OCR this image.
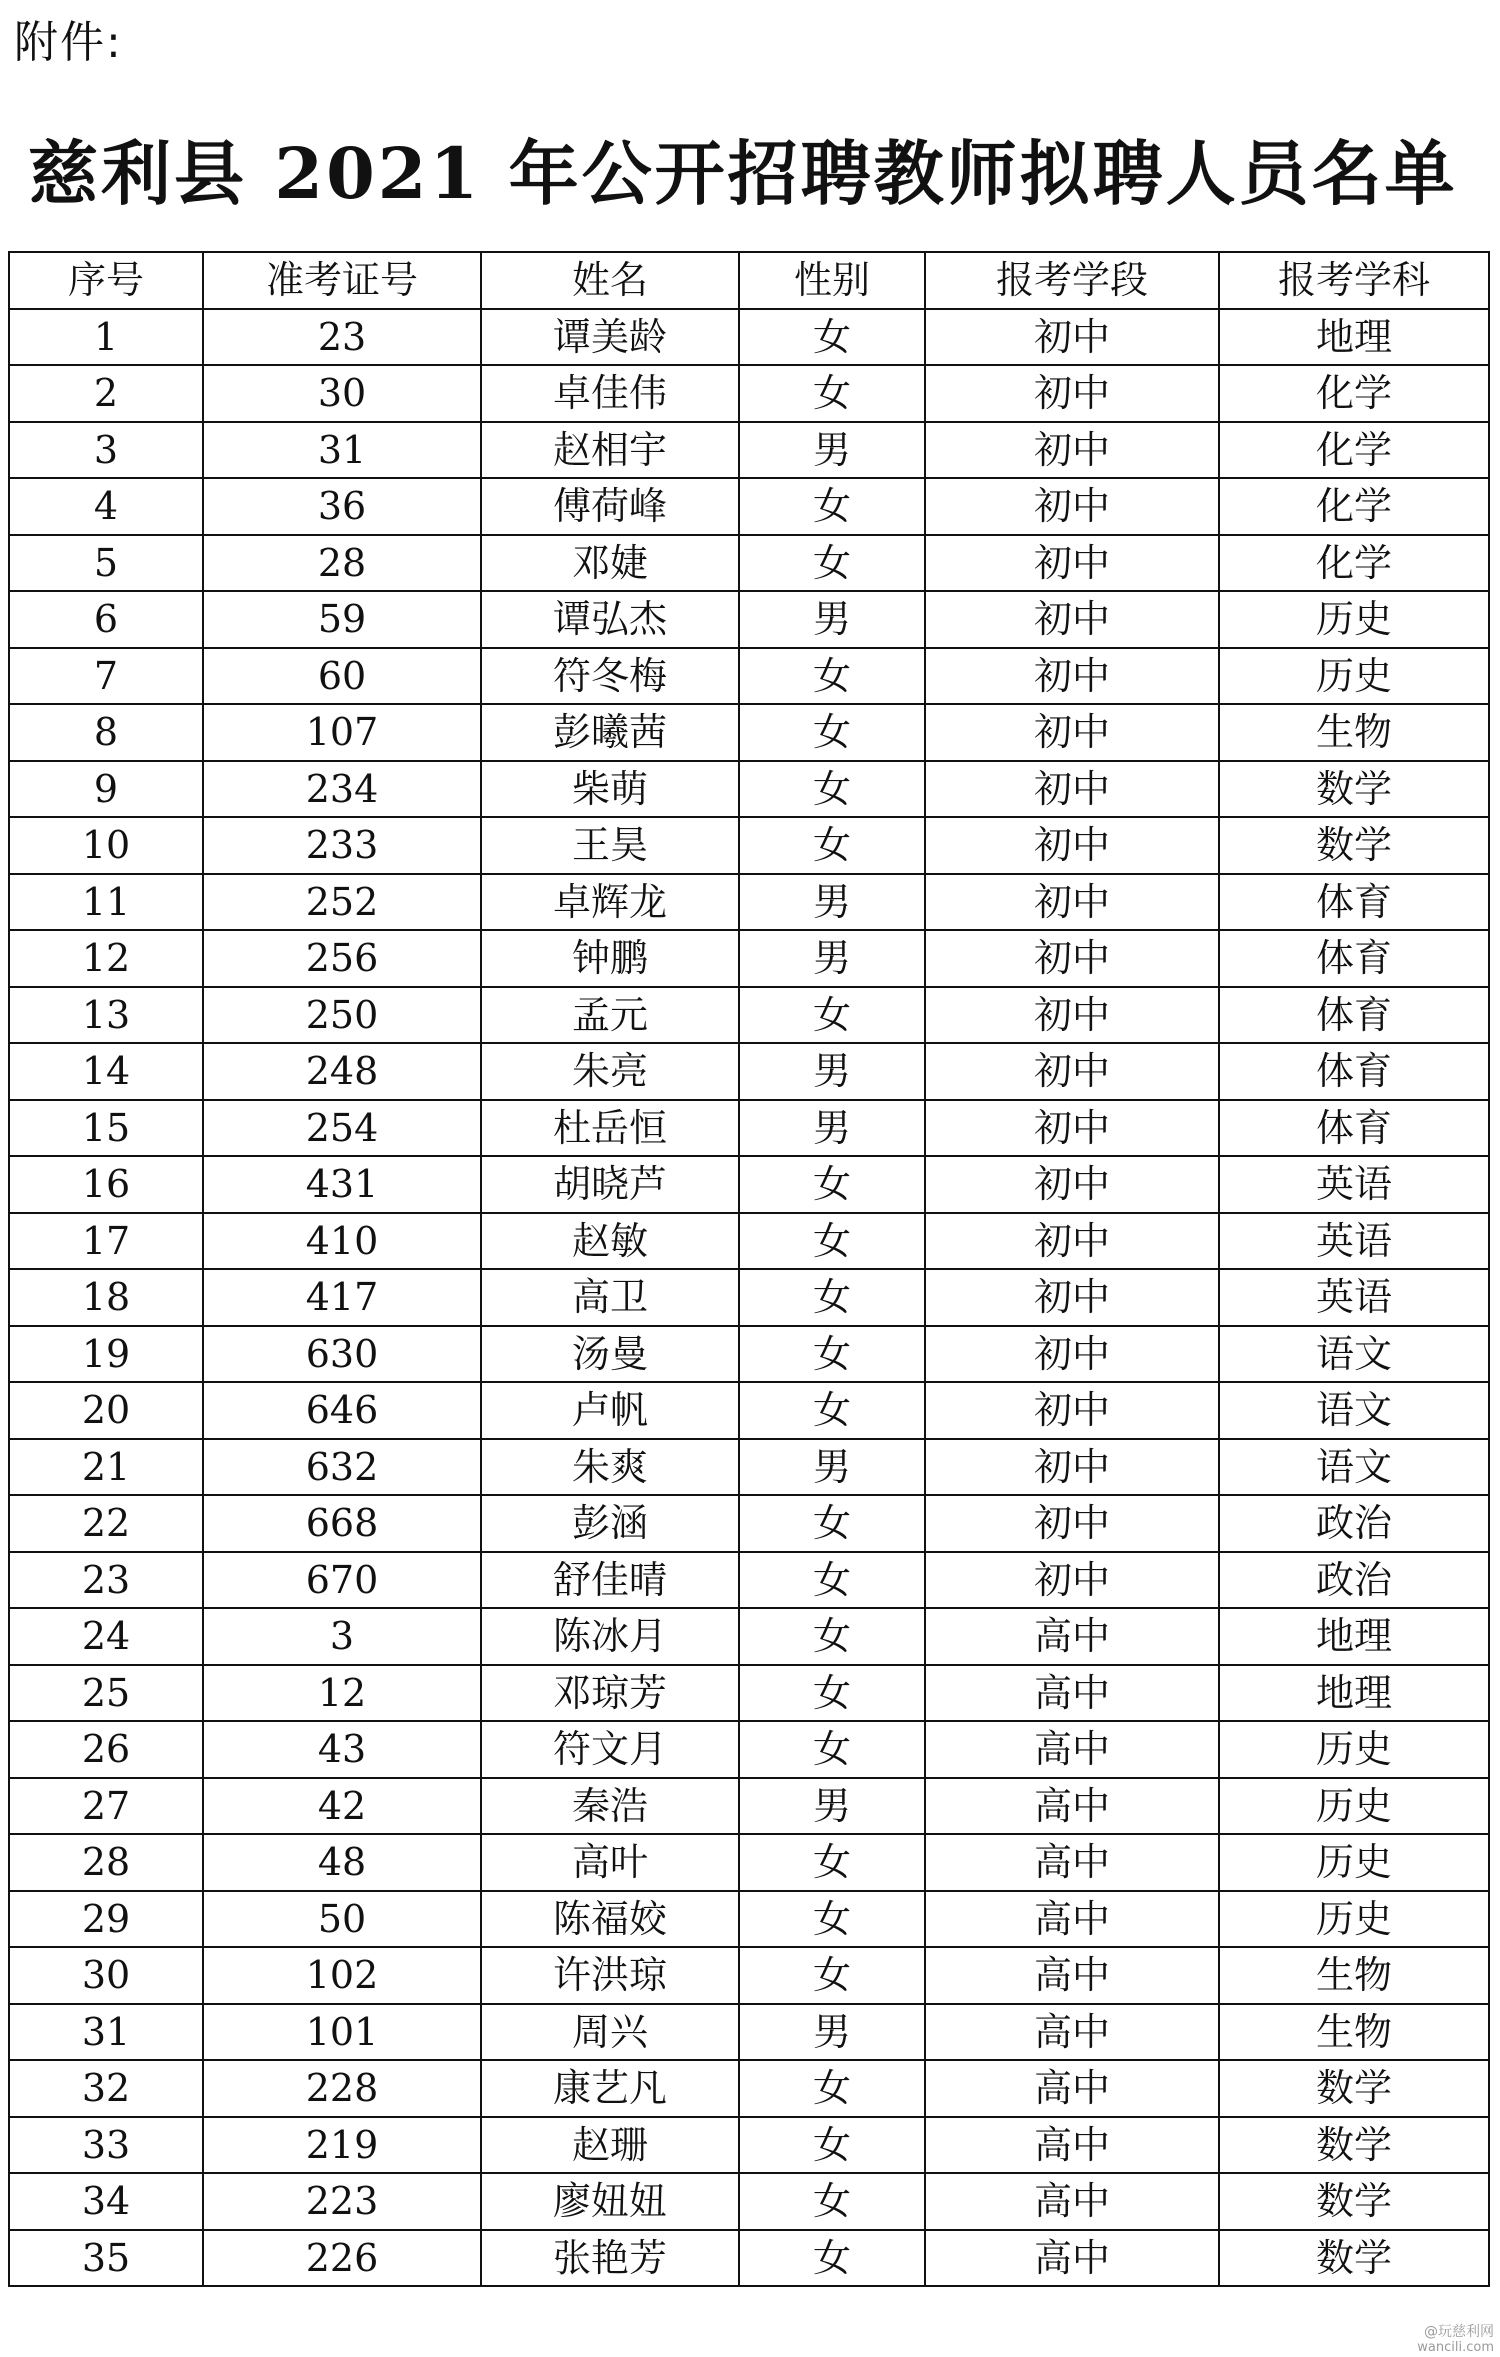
附件:
慈利县 2021 年公开招聘教师拟聘人员名单
序号	准考证号	姓名	性别	报考学段	报考学科
1	23	谭美龄	女	初中	地理
2	30	卓佳伟	女	初中	化学
3	31	赵相宇	男	初中	化学
4	36	傅荷峰	女	初中	化学
5	28	邓婕	女	初中	化学
6	59	谭弘杰	男	初中	历史
7	60	符冬梅	女	初中	历史
8	107	彭曦茜	女	初中	生物
9	234	柴萌	女	初中	数学
10	233	王昊	女	初中	数学
11	252	卓辉龙	男	初中	体育
12	256	钟鹏	男	初中	体育
13	250	孟元	女	初中	体育
14	248	朱亮	男	初中	体育
15	254	杜岳恒	男	初中	体育
16	431	胡晓芦	女	初中	英语
17	410	赵敏	女	初中	英语
18	417	高卫	女	初中	英语
19	630	汤曼	女	初中	语文
20	646	卢帆	女	初中	语文
21	632	朱爽	男	初中	语文
22	668	彭涵	女	初中	政治
23	670	舒佳晴	女	初中	政治
24	3	陈冰月	女	高中	地理
25	12	邓琼芳	女	高中	地理
26	43	符文月	女	高中	历史
27	42	秦浩	男	高中	历史
28	48	高叶	女	高中	历史
29	50	陈福姣	女	高中	历史
30	102	许洪琼	女	高中	生物
31	101	周兴	男	高中	生物
32	228	康艺凡	女	高中	数学
33	219	赵珊	女	高中	数学
34	223	廖妞妞	女	高中	数学
35	226	张艳芳	女	高中	数学
@玩慈利网
wancili.com
